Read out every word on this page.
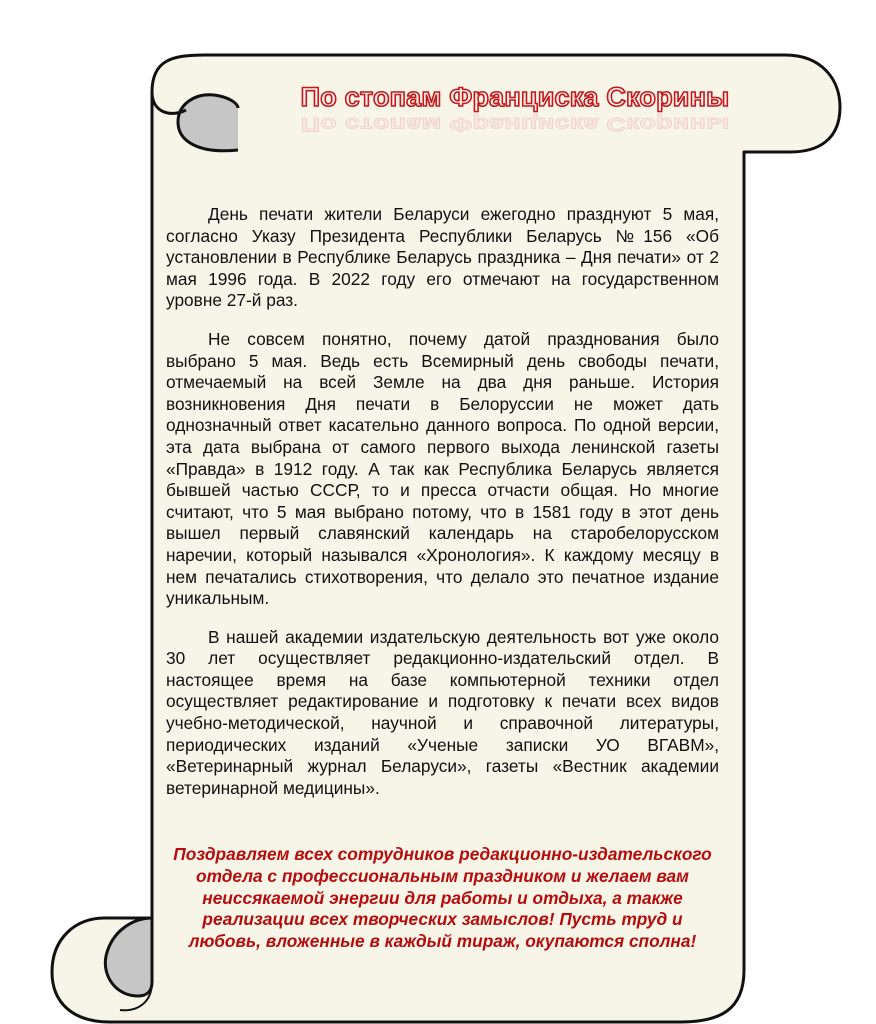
По стопам Франциска Скорины
По стопам Франциска Скорины

День печати жители Беларуси ежегодно празднуют 5 мая, согласно Указу Президента Республики Беларусь №156 «Об установлении в Республике Беларусь праздника – Дня печати» от 2 мая 1996 года. В 2022 году его отмечают на государственном уровне 27-й раз.

Не совсем понятно, почему датой празднования было выбрано 5 мая. Ведь есть Всемирный день свободы печати, отмечаемый на всей Земле на два дня раньше. История возникновения Дня печати в Белоруссии не может дать однозначный ответ касательно данного вопроса. По одной версии, эта дата выбрана от самого первого выхода ленинской газеты «Правда» в 1912 году. А так как Республика Беларусь является бывшей частью СССР, то и пресса отчасти общая. Но многие считают, что 5 мая выбрано потому, что в 1581 году в этот день вышел первый славянский календарь на старобелорусском наречии, который назывался «Хронология». К каждому месяцу в нем печатались стихотворения, что делало это печатное издание уникальным.

В нашей академии издательскую деятельность вот уже около 30 лет осуществляет редакционно-издательский отдел. В настоящее время на базе компьютерной техники отдел осуществляет редактирование и подготовку к печати всех видов учебно-методической, научной и справочной литературы, периодических изданий «Ученые записки УО ВГАВМ», «Ветеринарный журнал Беларуси», газеты «Вестник академии ветеринарной медицины».

Поздравляем всех сотрудников редакционно-издательского отдела с профессиональным праздником и желаем вам неиссякаемой энергии для работы и отдыха, а также реализации всех творческих замыслов! Пусть труд и любовь, вложенные в каждый тираж, окупаются сполна!
